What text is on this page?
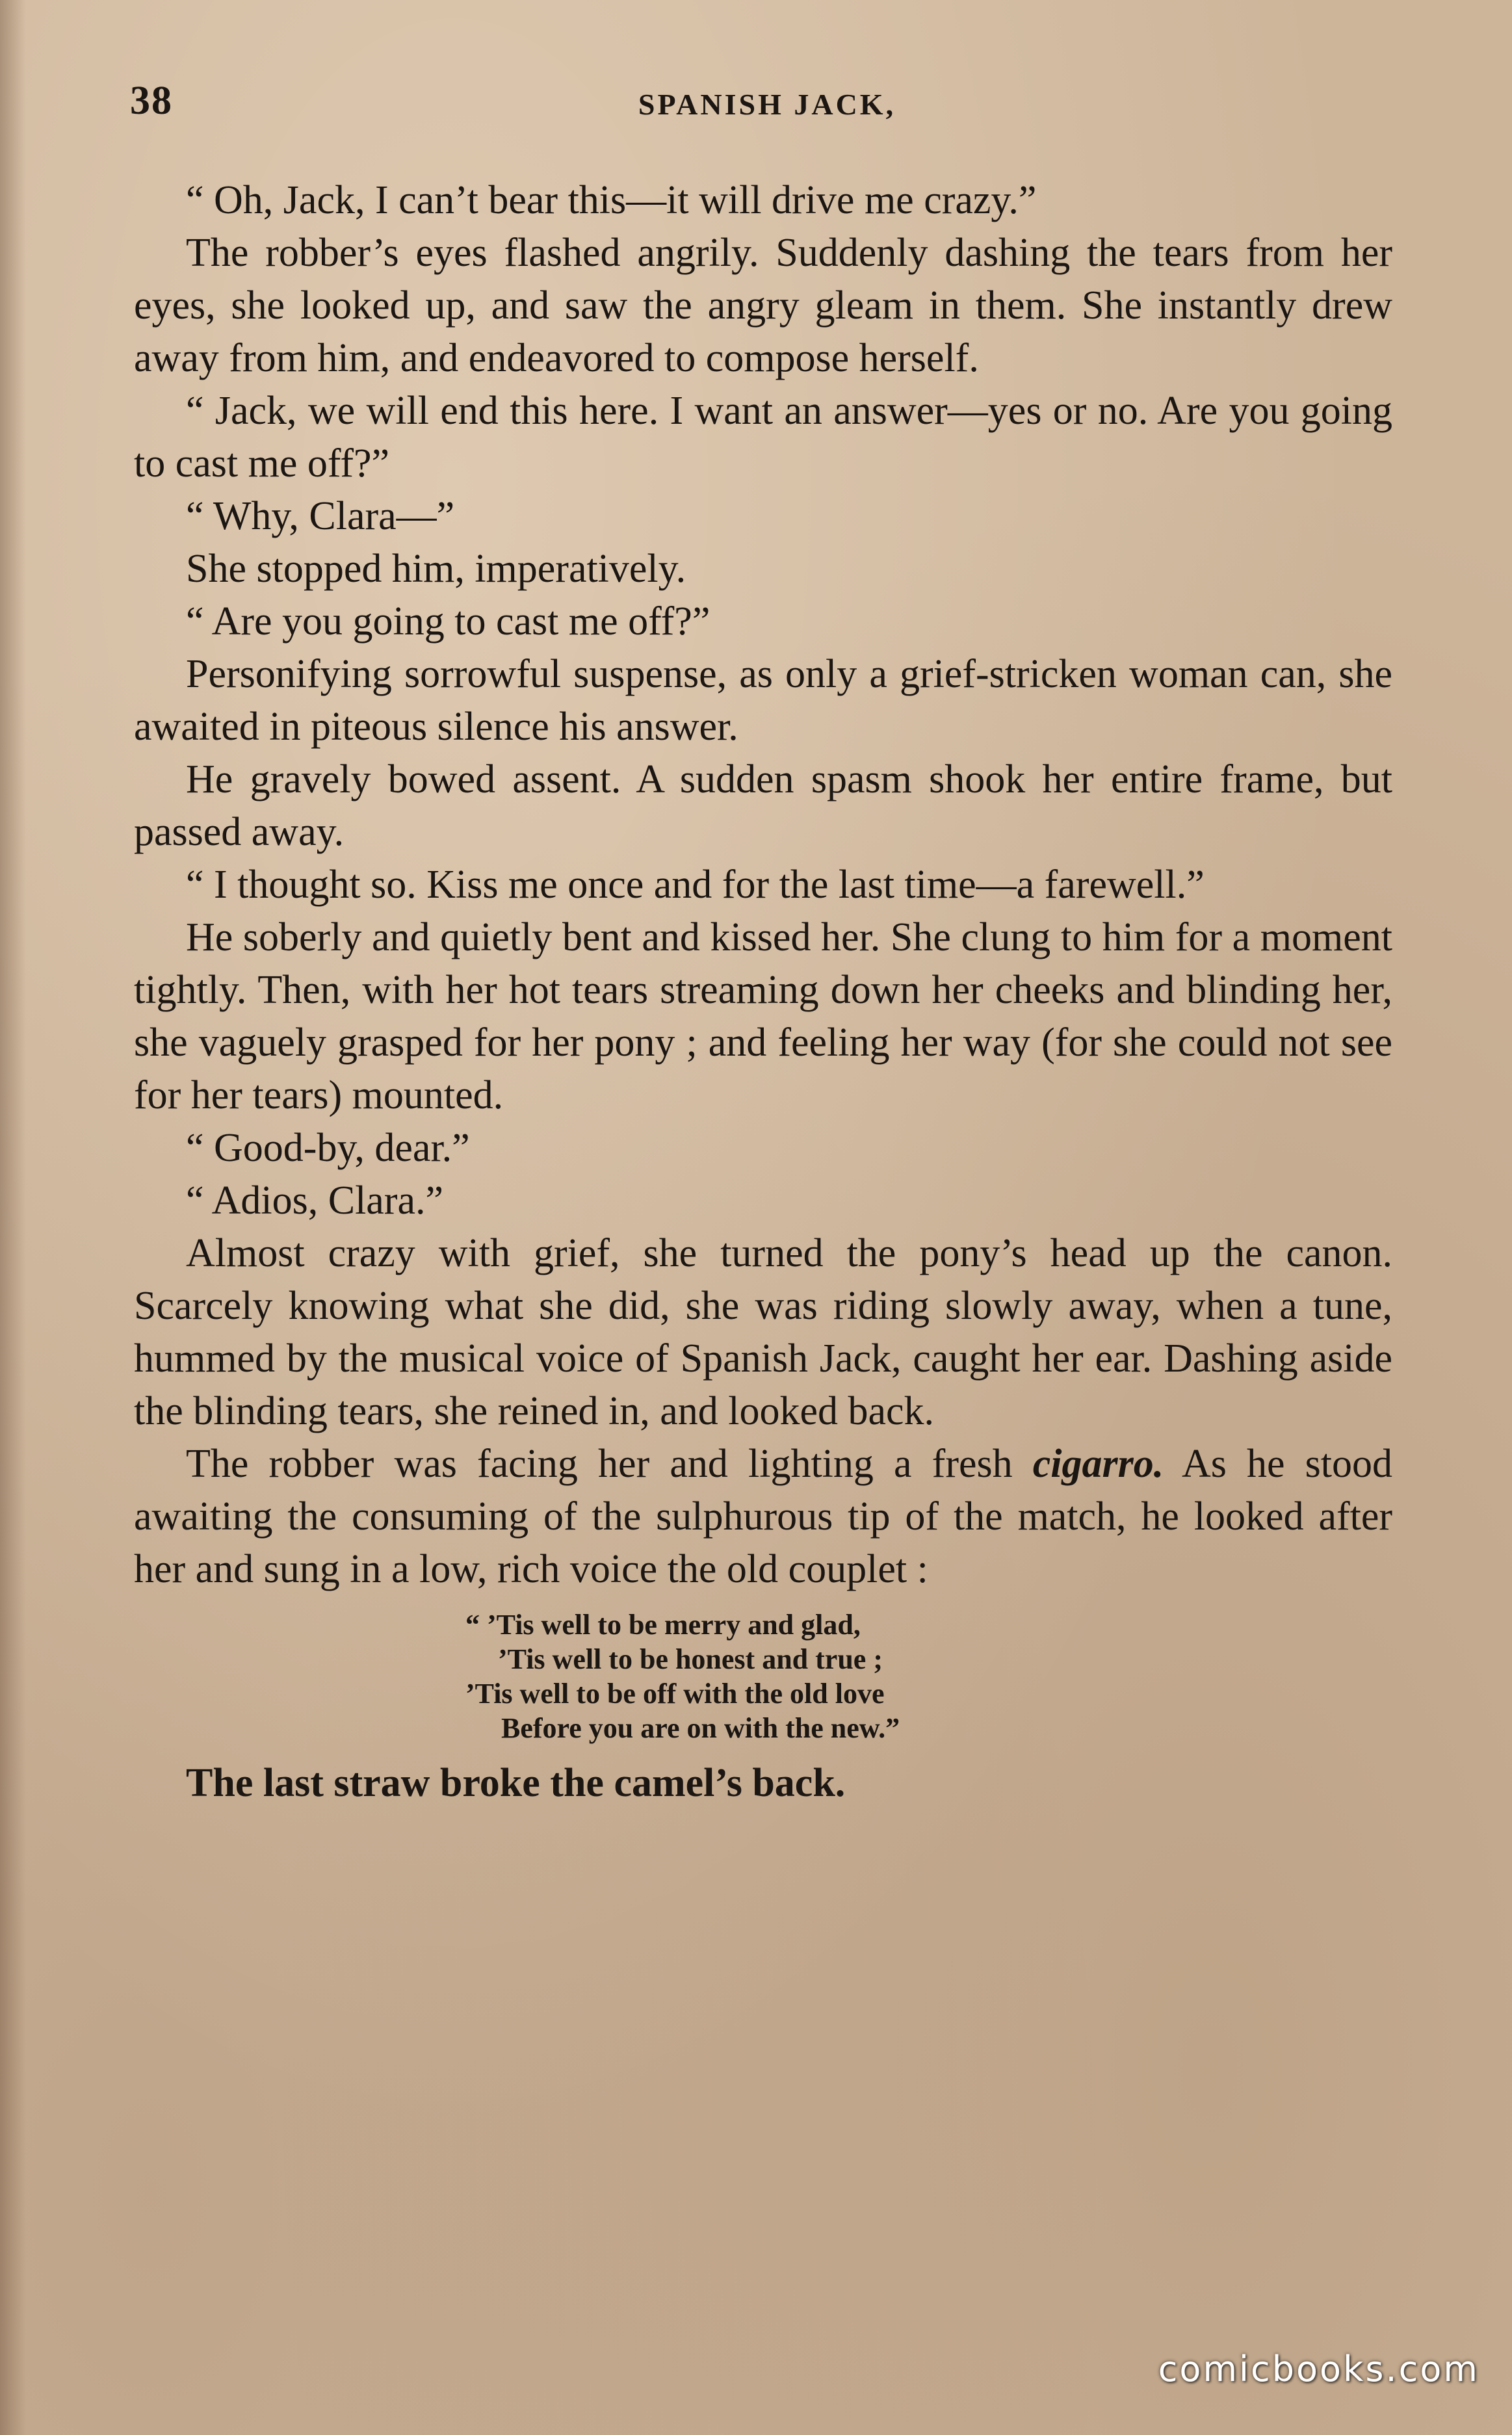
38	SPANISH JACK,

“ Oh, Jack, I can’t bear this—it will drive me crazy.”

The robber’s eyes flashed angrily. Suddenly dashing the tears from her eyes, she looked up, and saw the angry gleam in them. She instantly drew away from him, and endeavored to compose herself.

“ Jack, we will end this here. I want an answer—yes or no. Are you going to cast me off?”

“ Why, Clara—”

She stopped him, imperatively.

“ Are you going to cast me off?”

Personifying sorrowful suspense, as only a grief-stricken woman can, she awaited in piteous silence his answer.

He gravely bowed assent. A sudden spasm shook her entire frame, but passed away.

“ I thought so. Kiss me once and for the last time—a farewell.”

He soberly and quietly bent and kissed her. She clung to him for a moment tightly. Then, with her hot tears streaming down her cheeks and blinding her, she vaguely grasped for her pony ; and feeling her way (for she could not see for her tears) mounted.

“ Good-by, dear.”

“ Adios, Clara.”

Almost crazy with grief, she turned the pony’s head up the canon. Scarcely knowing what she did, she was riding slowly away, when a tune, hummed by the musical voice of Spanish Jack, caught her ear. Dashing aside the blinding tears, she reined in, and looked back.

The robber was facing her and lighting a fresh cigarro. As he stood awaiting the consuming of the sulphurous tip of the match, he looked after her and sung in a low, rich voice the old couplet :

“ ’Tis well to be merry and glad,
’Tis well to be honest and true ;
’Tis well to be off with the old love
Before you are on with the new.”

The last straw broke the camel’s back.

comicbooks.com
